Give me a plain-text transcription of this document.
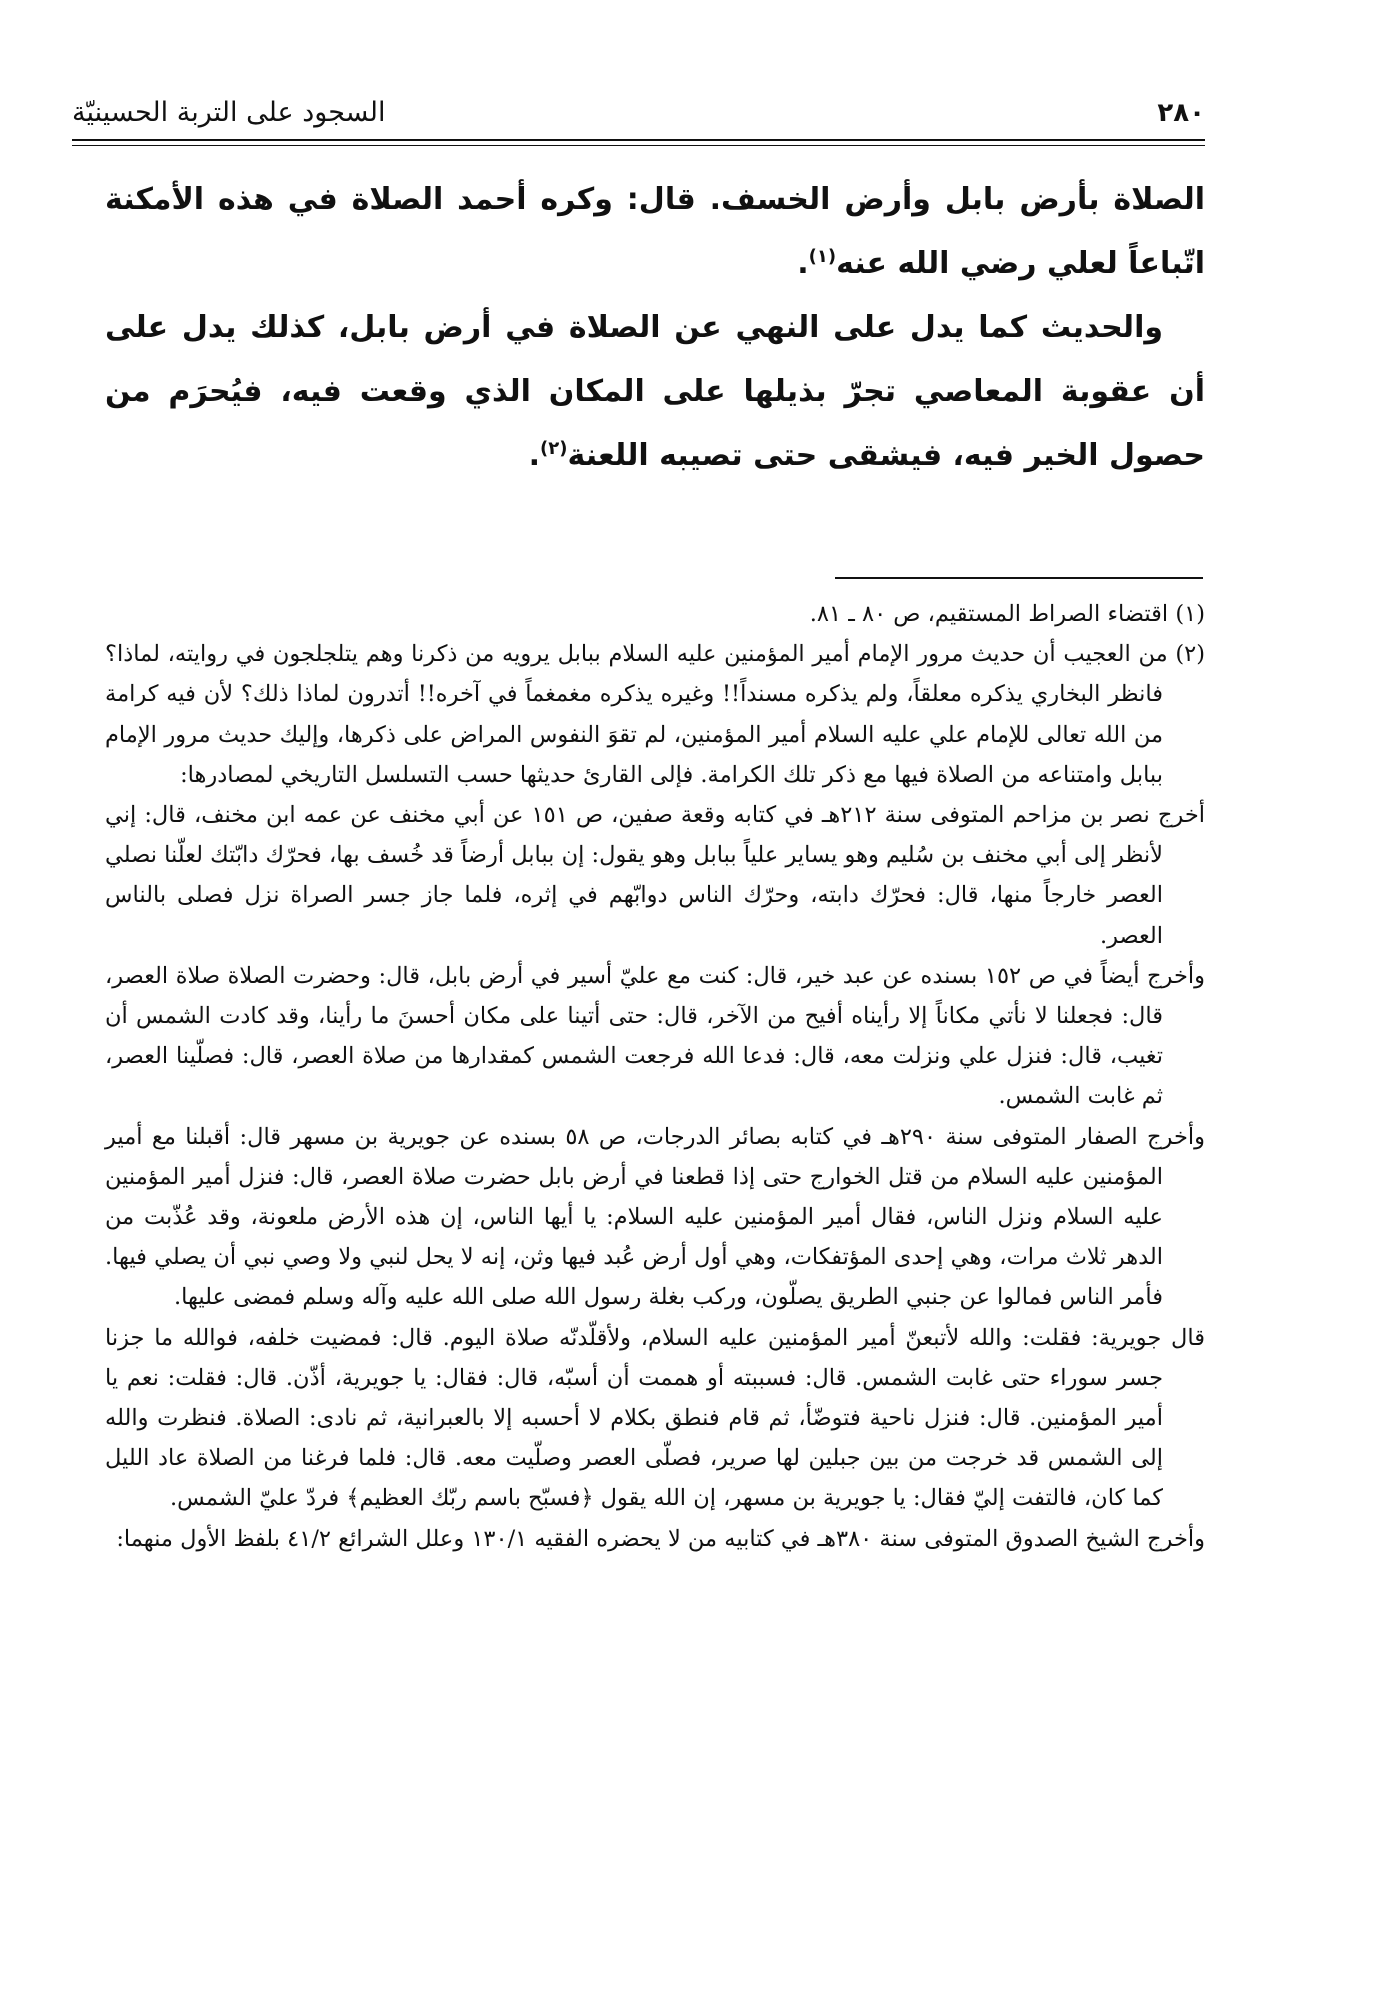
٢٨٠
السجود على التربة الحسينيّة

الصلاة بأرض بابل وأرض الخسف. قال: وكره أحمد الصلاة في هذه الأمكنة اتّباعاً لعلي رضي الله عنه$^{(١)}$.

والحديث كما يدل على النهي عن الصلاة في أرض بابل، كذلك يدل على أن عقوبة المعاصي تجرّ بذيلها على المكان الذي وقعت فيه، فيُحرَم من حصول الخير فيه، فيشقى حتى تصيبه اللعنة$^{(٢)}$.

(١) اقتضاء الصراط المستقيم، ص ٨٠ ـ ٨١.

(٢) من العجيب أن حديث مرور الإمام أمير المؤمنين عليه السلام ببابل يرويه من ذكرنا وهم يتلجلجون في روايته، لماذا؟ فانظر البخاري يذكره معلقاً، ولم يذكره مسنداً!! وغيره يذكره مغمغماً في آخره!! أتدرون لماذا ذلك؟ لأن فيه كرامة من الله تعالى للإمام علي عليه السلام أمير المؤمنين، لم تقوَ النفوس المراض على ذكرها، وإليك حديث مرور الإمام ببابل وامتناعه من الصلاة فيها مع ذكر تلك الكرامة. فإلى القارئ حديثها حسب التسلسل التاريخي لمصادرها:

أخرج نصر بن مزاحم المتوفى سنة ٢١٢هـ في كتابه وقعة صفين، ص ١٥١ عن أبي مخنف عن عمه ابن مخنف، قال: إني لأنظر إلى أبي مخنف بن سُليم وهو يساير علياً ببابل وهو يقول: إن ببابل أرضاً قد خُسف بها، فحرّك دابّتك لعلّنا نصلي العصر خارجاً منها، قال: فحرّك دابته، وحرّك الناس دوابّهم في إثره، فلما جاز جسر الصراة نزل فصلى بالناس العصر.

وأخرج أيضاً في ص ١٥٢ بسنده عن عبد خير، قال: كنت مع عليّ أسير في أرض بابل، قال: وحضرت الصلاة صلاة العصر، قال: فجعلنا لا نأتي مكاناً إلا رأيناه أفيح من الآخر، قال: حتى أتينا على مكان أحسنَ ما رأينا، وقد كادت الشمس أن تغيب، قال: فنزل علي ونزلت معه، قال: فدعا الله فرجعت الشمس كمقدارها من صلاة العصر، قال: فصلّينا العصر، ثم غابت الشمس.

وأخرج الصفار المتوفى سنة ٢٩٠هـ في كتابه بصائر الدرجات، ص ٥٨ بسنده عن جويرية بن مسهر قال: أقبلنا مع أمير المؤمنين عليه السلام من قتل الخوارج حتى إذا قطعنا في أرض بابل حضرت صلاة العصر، قال: فنزل أمير المؤمنين عليه السلام ونزل الناس، فقال أمير المؤمنين عليه السلام: يا أيها الناس، إن هذه الأرض ملعونة، وقد عُذّبت من الدهر ثلاث مرات، وهي إحدى المؤتفكات، وهي أول أرض عُبد فيها وثن، إنه لا يحل لنبي ولا وصي نبي أن يصلي فيها. فأمر الناس فمالوا عن جنبي الطريق يصلّون، وركب بغلة رسول الله صلى الله عليه وآله وسلم فمضى عليها.

قال جويرية: فقلت: والله لأتبعنّ أمير المؤمنين عليه السلام، ولأقلّدنّه صلاة اليوم. قال: فمضيت خلفه، فوالله ما جزنا جسر سوراء حتى غابت الشمس. قال: فسببته أو هممت أن أسبّه، قال: فقال: يا جويرية، أذّن. قال: فقلت: نعم يا أمير المؤمنين. قال: فنزل ناحية فتوضّأ، ثم قام فنطق بكلام لا أحسبه إلا بالعبرانية، ثم نادى: الصلاة. فنظرت والله إلى الشمس قد خرجت من بين جبلين لها صرير، فصلّى العصر وصلّيت معه. قال: فلما فرغنا من الصلاة عاد الليل كما كان، فالتفت إليّ فقال: يا جويرية بن مسهر، إن الله يقول ﴿فسبّح باسم ربّك العظيم﴾ فردّ عليّ الشمس.

وأخرج الشيخ الصدوق المتوفى سنة ٣٨٠هـ في كتابيه من لا يحضره الفقيه ١٣٠/١ وعلل الشرائع ٤١/٢ بلفظ الأول منهما:
